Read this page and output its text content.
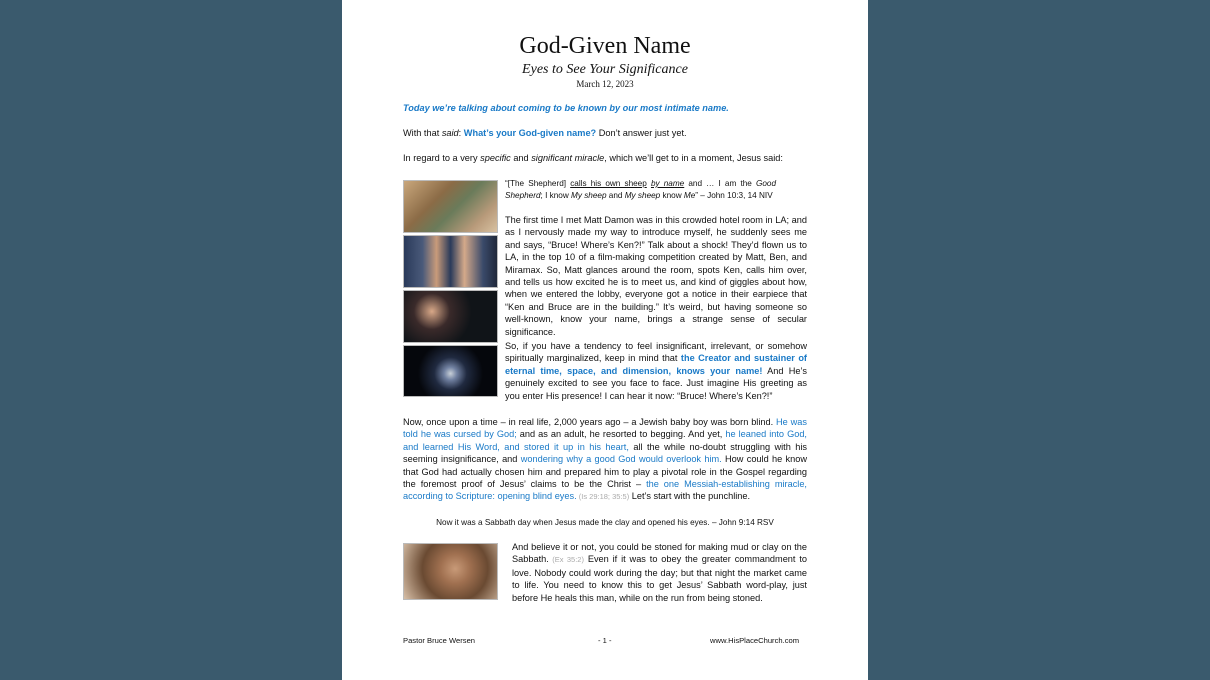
God-Given Name
Eyes to See Your Significance
March 12, 2023
Today we’re talking about coming to be known by our most intimate name.
With that said: What’s your God-given name? Don’t answer just yet.
In regard to a very specific and significant miracle, which we’ll get to in a moment, Jesus said:
“[The Shepherd] calls his own sheep by name and … I am the Good Shepherd; I know My sheep and My sheep know Me” – John 10:3, 14 NIV
The first time I met Matt Damon was in this crowded hotel room in LA; and as I nervously made my way to introduce myself, he suddenly sees me and says, “Bruce! Where’s Ken?!” Talk about a shock! They’d flown us to LA, in the top 10 of a film-making competition created by Matt, Ben, and Miramax. So, Matt glances around the room, spots Ken, calls him over, and tells us how excited he is to meet us, and kind of giggles about how, when we entered the lobby, everyone got a notice in their earpiece that “Ken and Bruce are in the building.” It’s weird, but having someone so well-known, know your name, brings a strange sense of secular significance.
So, if you have a tendency to feel insignificant, irrelevant, or somehow spiritually marginalized, keep in mind that the Creator and sustainer of eternal time, space, and dimension, knows your name! And He’s genuinely excited to see you face to face. Just imagine His greeting as you enter His presence! I can hear it now: “Bruce! Where’s Ken?!”
Now, once upon a time – in real life, 2,000 years ago – a Jewish baby boy was born blind. He was told he was cursed by God; and as an adult, he resorted to begging. And yet, he leaned into God, and learned His Word, and stored it up in his heart, all the while no-doubt struggling with his seeming insignificance, and wondering why a good God would overlook him. How could he know that God had actually chosen him and prepared him to play a pivotal role in the Gospel regarding the foremost proof of Jesus’ claims to be the Christ – the one Messiah-establishing miracle, according to Scripture: opening blind eyes. (Is 29:18; 35:5) Let’s start with the punchline.
Now it was a Sabbath day when Jesus made the clay and opened his eyes. – John 9:14 RSV
And believe it or not, you could be stoned for making mud or clay on the Sabbath. (Ex 35:2) Even if it was to obey the greater commandment to love. Nobody could work during the day; but that night the market came to life. You need to know this to get Jesus’ Sabbath word-play, just before He heals this man, while on the run from being stoned.
Pastor Bruce Wersen	- 1 -	www.HisPlaceChurch.com
